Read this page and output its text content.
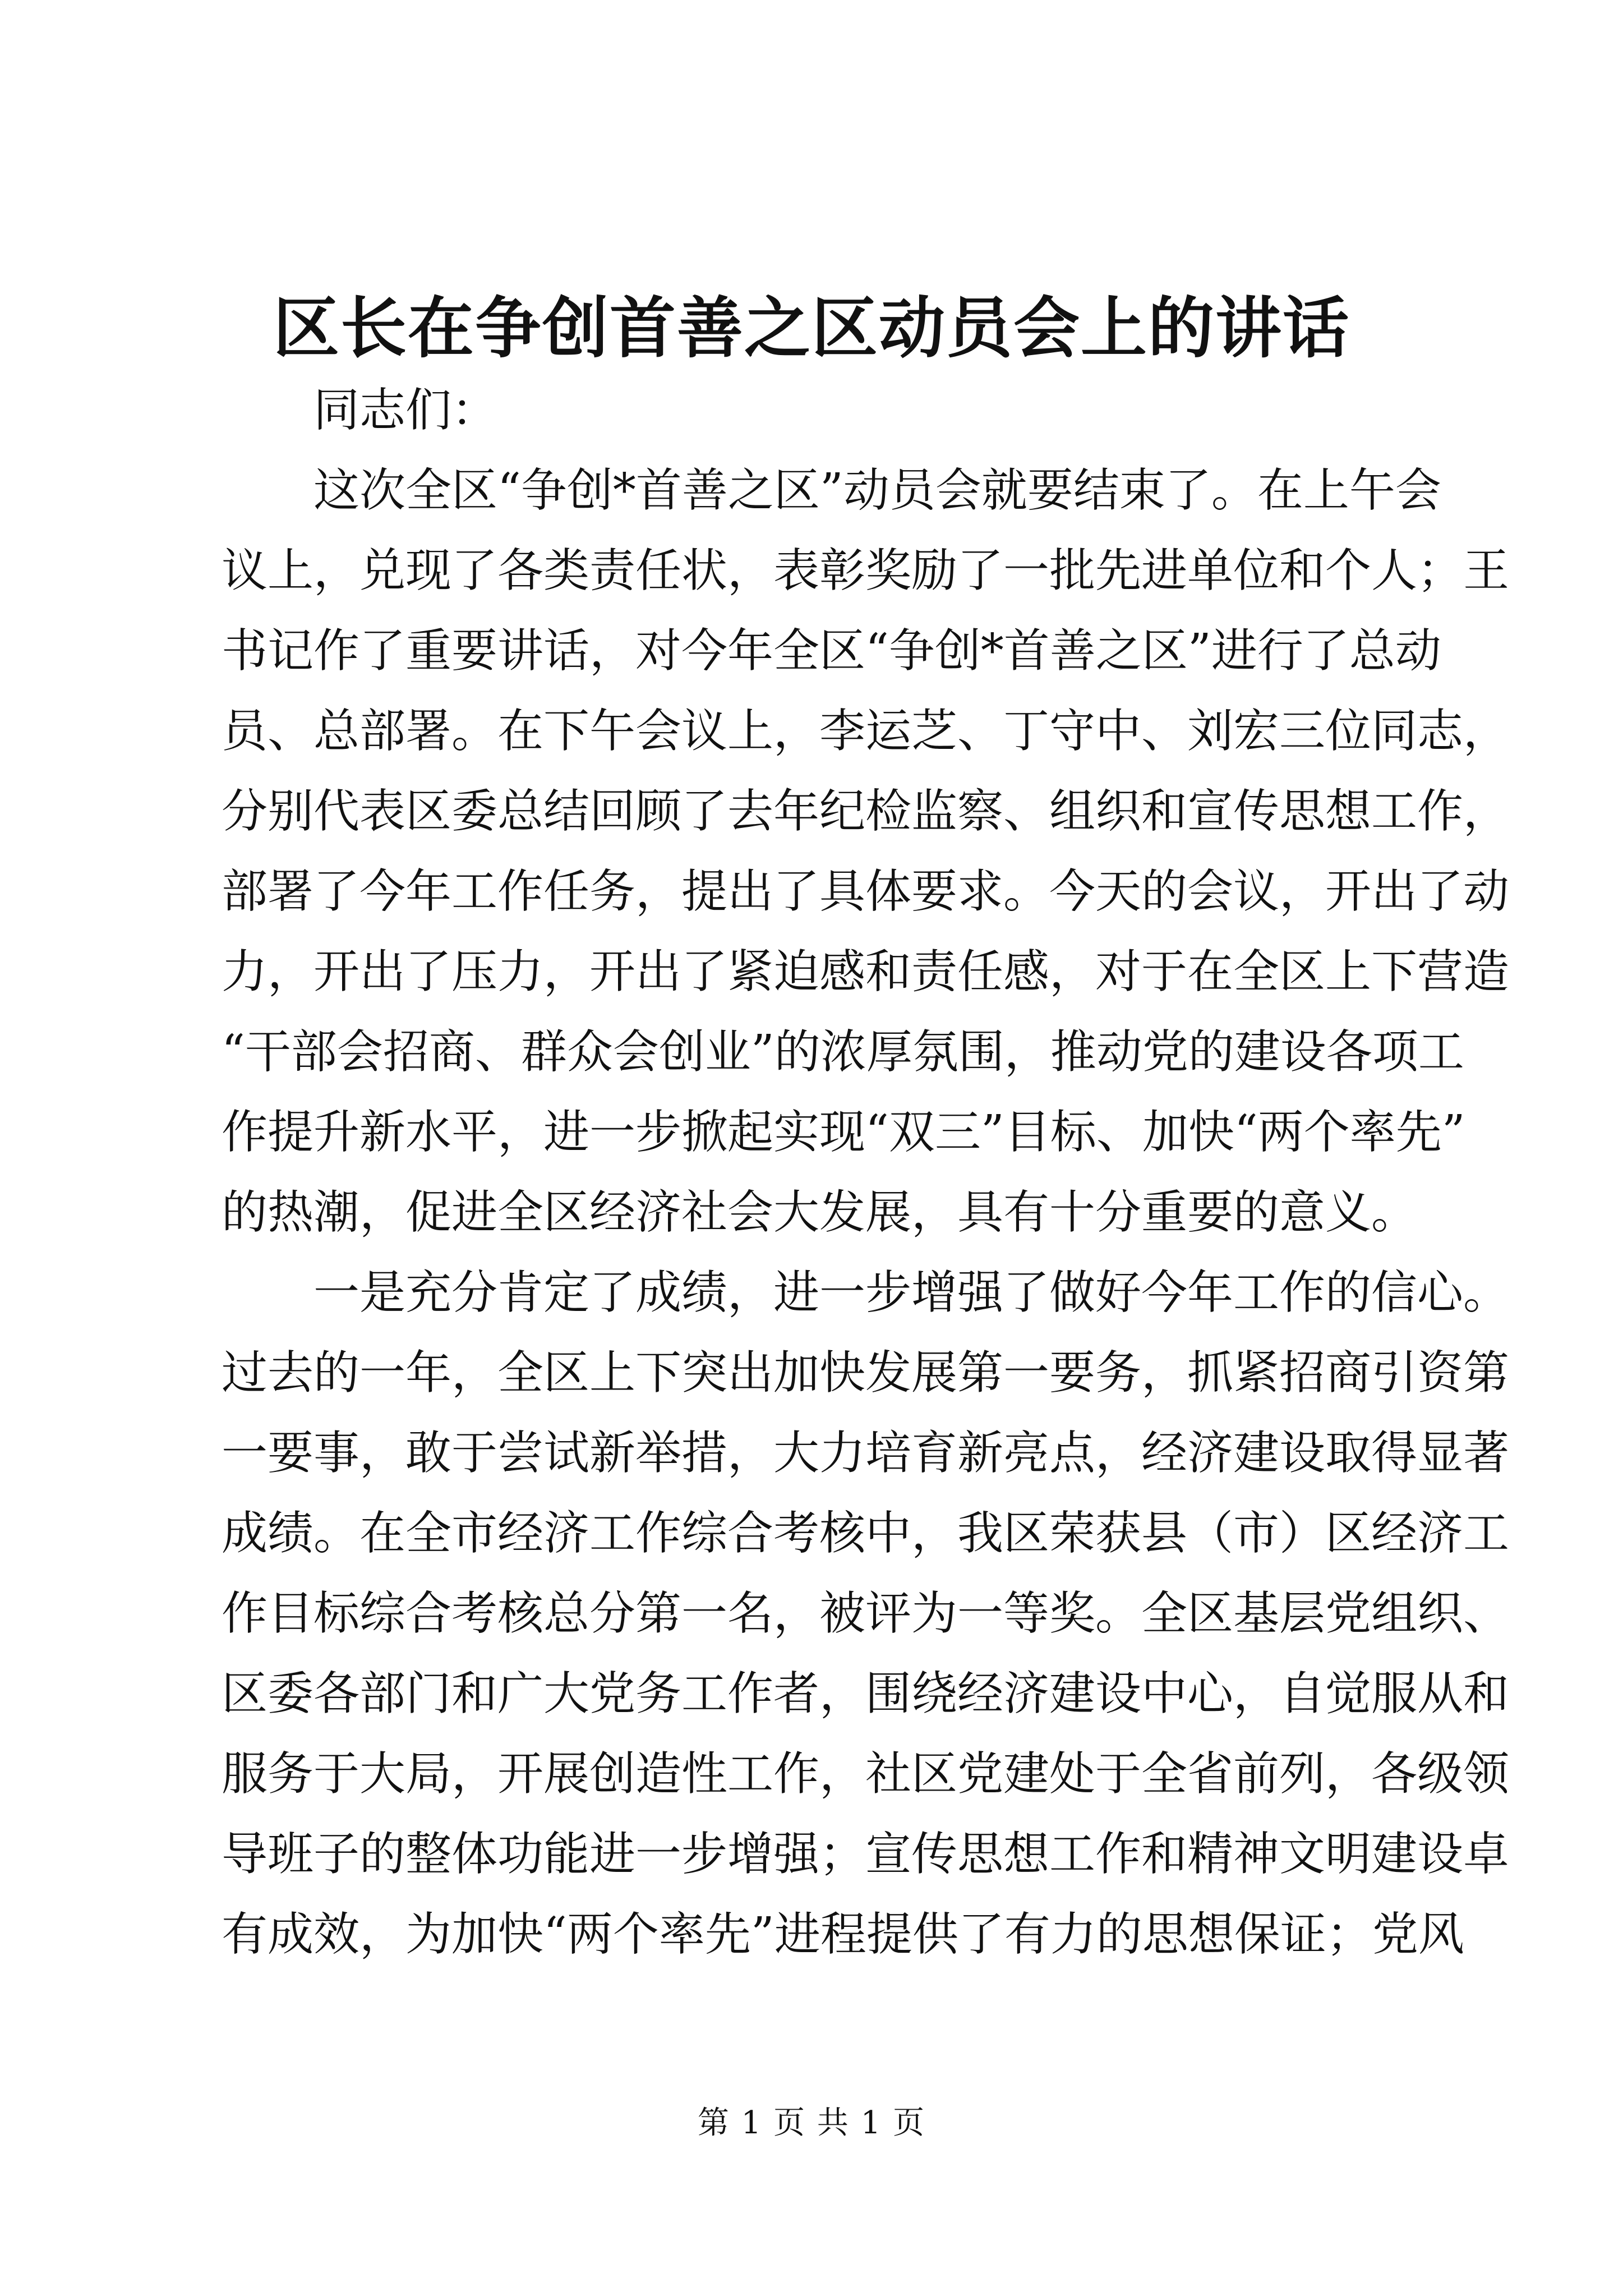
区长在争创首善之区动员会上的讲话
　　同志们：
　　这次全区“争创*首善之区”动员会就要结束了。在上午会
议上，兑现了各类责任状，表彰奖励了一批先进单位和个人；王
书记作了重要讲话，对今年全区“争创*首善之区”进行了总动
员、总部署。在下午会议上，李运芝、丁守中、刘宏三位同志，
分别代表区委总结回顾了去年纪检监察、组织和宣传思想工作，
部署了今年工作任务，提出了具体要求。今天的会议，开出了动
力，开出了压力，开出了紧迫感和责任感，对于在全区上下营造
“干部会招商、群众会创业”的浓厚氛围，推动党的建设各项工
作提升新水平，进一步掀起实现“双三”目标、加快“两个率先”
的热潮，促进全区经济社会大发展，具有十分重要的意义。
　　一是充分肯定了成绩，进一步增强了做好今年工作的信心。
过去的一年，全区上下突出加快发展第一要务，抓紧招商引资第
一要事，敢于尝试新举措，大力培育新亮点，经济建设取得显著
成绩。在全市经济工作综合考核中，我区荣获县（市）区经济工
作目标综合考核总分第一名，被评为一等奖。全区基层党组织、
区委各部门和广大党务工作者，围绕经济建设中心，自觉服从和
服务于大局，开展创造性工作，社区党建处于全省前列，各级领
导班子的整体功能进一步增强；宣传思想工作和精神文明建设卓
有成效，为加快“两个率先”进程提供了有力的思想保证；党风
第 1 页 共 1 页
